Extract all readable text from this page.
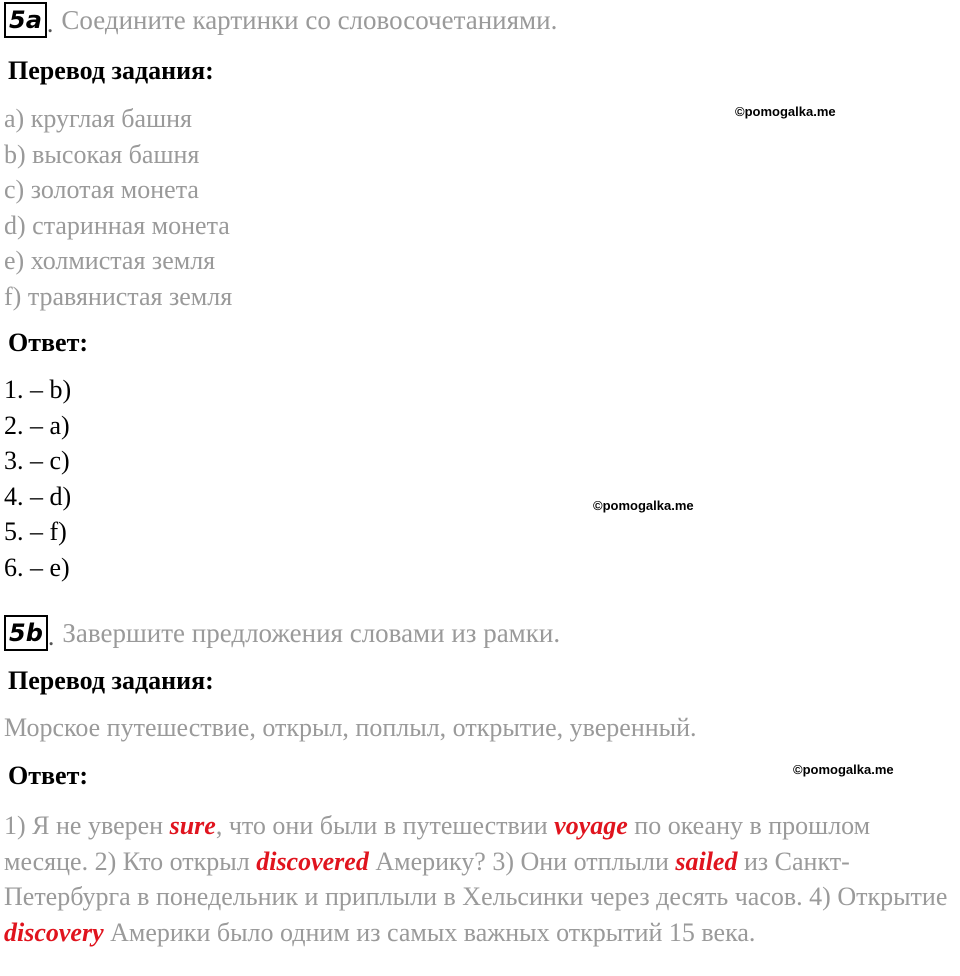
5a . Соедините картинки со словосочетаниями.
Перевод задания:
a) круглая башня
b) высокая башня
c) золотая монета
d) старинная монета
e) холмистая земля
f) травянистая земля
©pomogalka.me
Ответ:
1. – b)
2. – a)
3. – c)
4. – d)
5. – f)
6. – e)
©pomogalka.me
5b . Завершите предложения словами из рамки.
Перевод задания:
Морское путешествие, открыл, поплыл, открытие, уверенный.
Ответ:	©pomogalka.me
1) Я не уверен sure, что они были в путешествии voyage по океану в прошлом месяце. 2) Кто открыл discovered Америку? 3) Они отплыли sailed из Санкт-Петербурга в понедельник и приплыли в Хельсинки через десять часов. 4) Открытие discovery Америки было одним из самых важных открытий 15 века.
